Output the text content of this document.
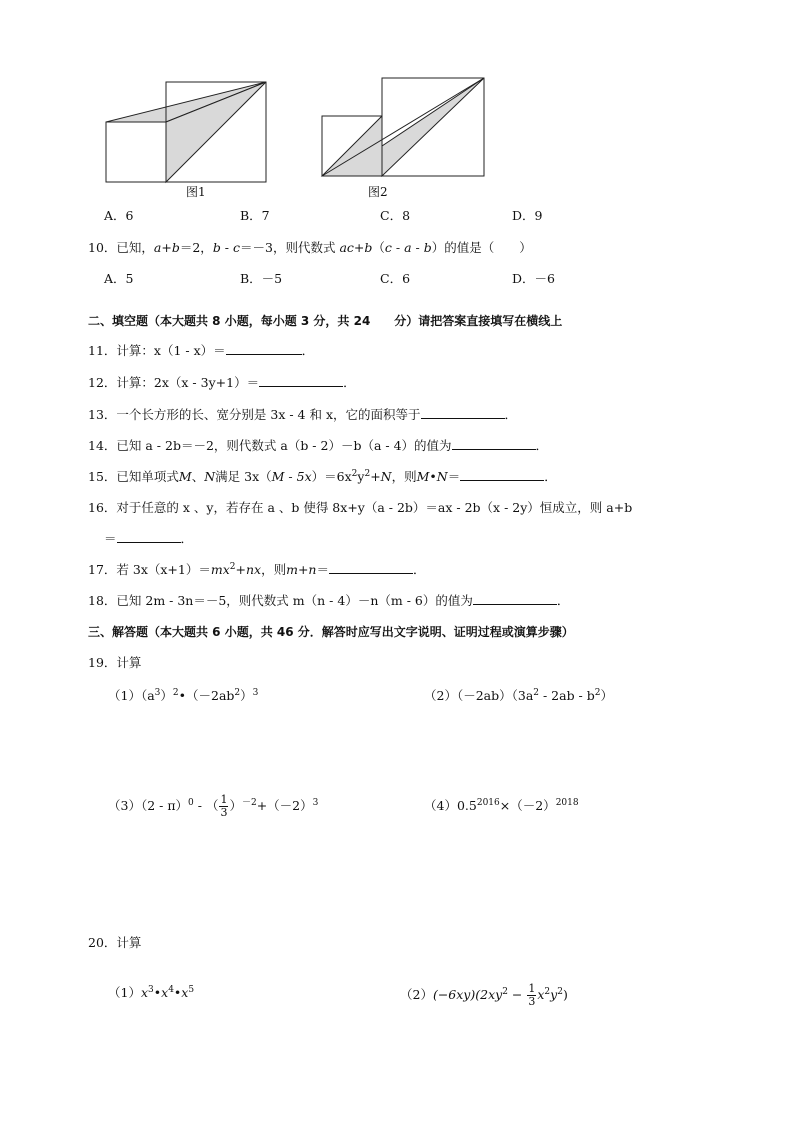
图1	图2
A．6	B．7	C．8	D．9
10．已知，a+b＝2，b - c＝－3，则代数式 ac+b（c - a - b）的值是（　　）
A．5	B．－5	C．6	D．－6
二、填空题（本大题共 8 小题，每小题 3 分，共 24　　分）请把答案直接填写在横线上
11．计算：x（1 - x）＝	．
12．计算：2x（x - 3y+1）＝	．
13．一个长方形的长、宽分别是 3x - 4 和 x，它的面积等于	．
14．已知 a - 2b＝－2，则代数式 a（b - 2）－b（a - 4）的值为	．
15．已知单项式M、N满足 $3x(M - 5x)=6x^2y^2+N$，则M•N＝	．
16．对于任意的 x 、y，若存在 a 、b 使得 8x+y（a - 2b）＝ax - 2b（x - 2y）恒成立，则 a+b
＝	．
17．若 $3x(x+1)=mx^2+nx$，则m+n＝	．
18．已知 2m - 3n＝－5，则代数式 m（n - 4）－n（m - 6）的值为	．
三、解答题（本大题共 6 小题，共 46 分．解答时应写出文字说明、证明过程或演算步骤）
19．计算
$(1)(a^3)^2•(-2ab^2)^3$	$(2)(-2ab)(3a^2 - 2ab - b^2)$
（3）（2 - π）$^0$ - （ $\frac{1}{3} )^{-2}+(-2)^3$	$(4)0.5^{2016}\times(-2)^{2018}$
20．计算
$(1)x^3•x^4•x^5$	$(2)(-6xy)(2xy^2 - \frac{1}{3} x^2y^2)$
